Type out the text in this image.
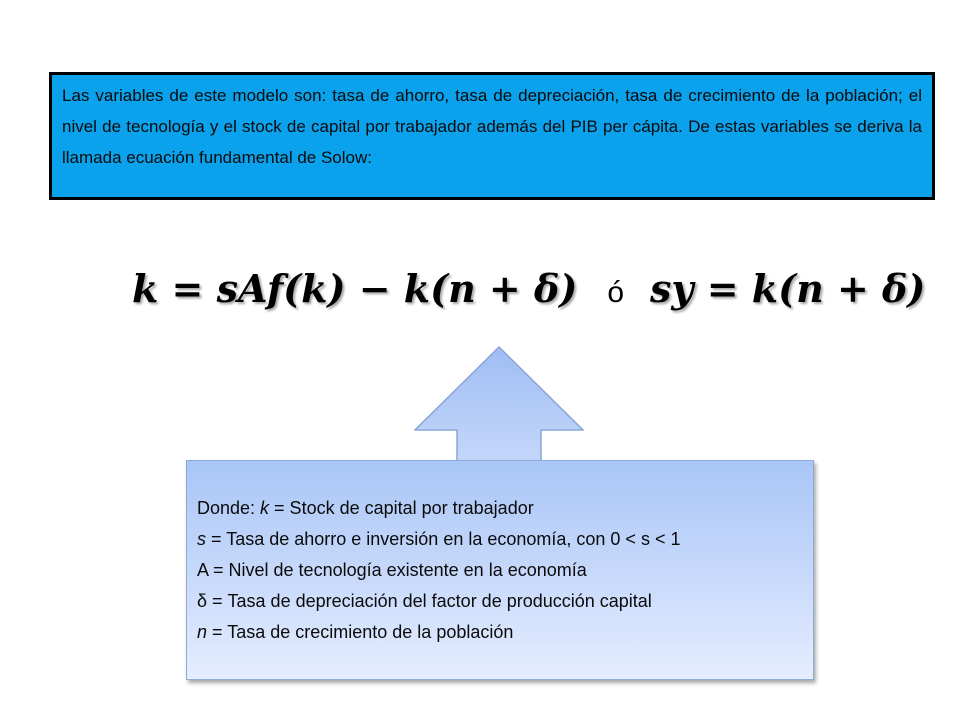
Las variables de este modelo son: tasa de ahorro, tasa de depreciación, tasa de crecimiento de la población; el nivel de tecnología y el stock de capital por trabajador además del PIB per cápita. De estas variables se deriva la llamada ecuación fundamental de Solow:
k = sAf(k) − k(n + δ) ó sy = k(n + δ)
Donde: k = Stock de capital por trabajador
s = Tasa de ahorro e inversión en la economía, con 0 < s < 1
A = Nivel de tecnología existente en la economía
δ = Tasa de depreciación del factor de producción capital
n = Tasa de crecimiento de la población
